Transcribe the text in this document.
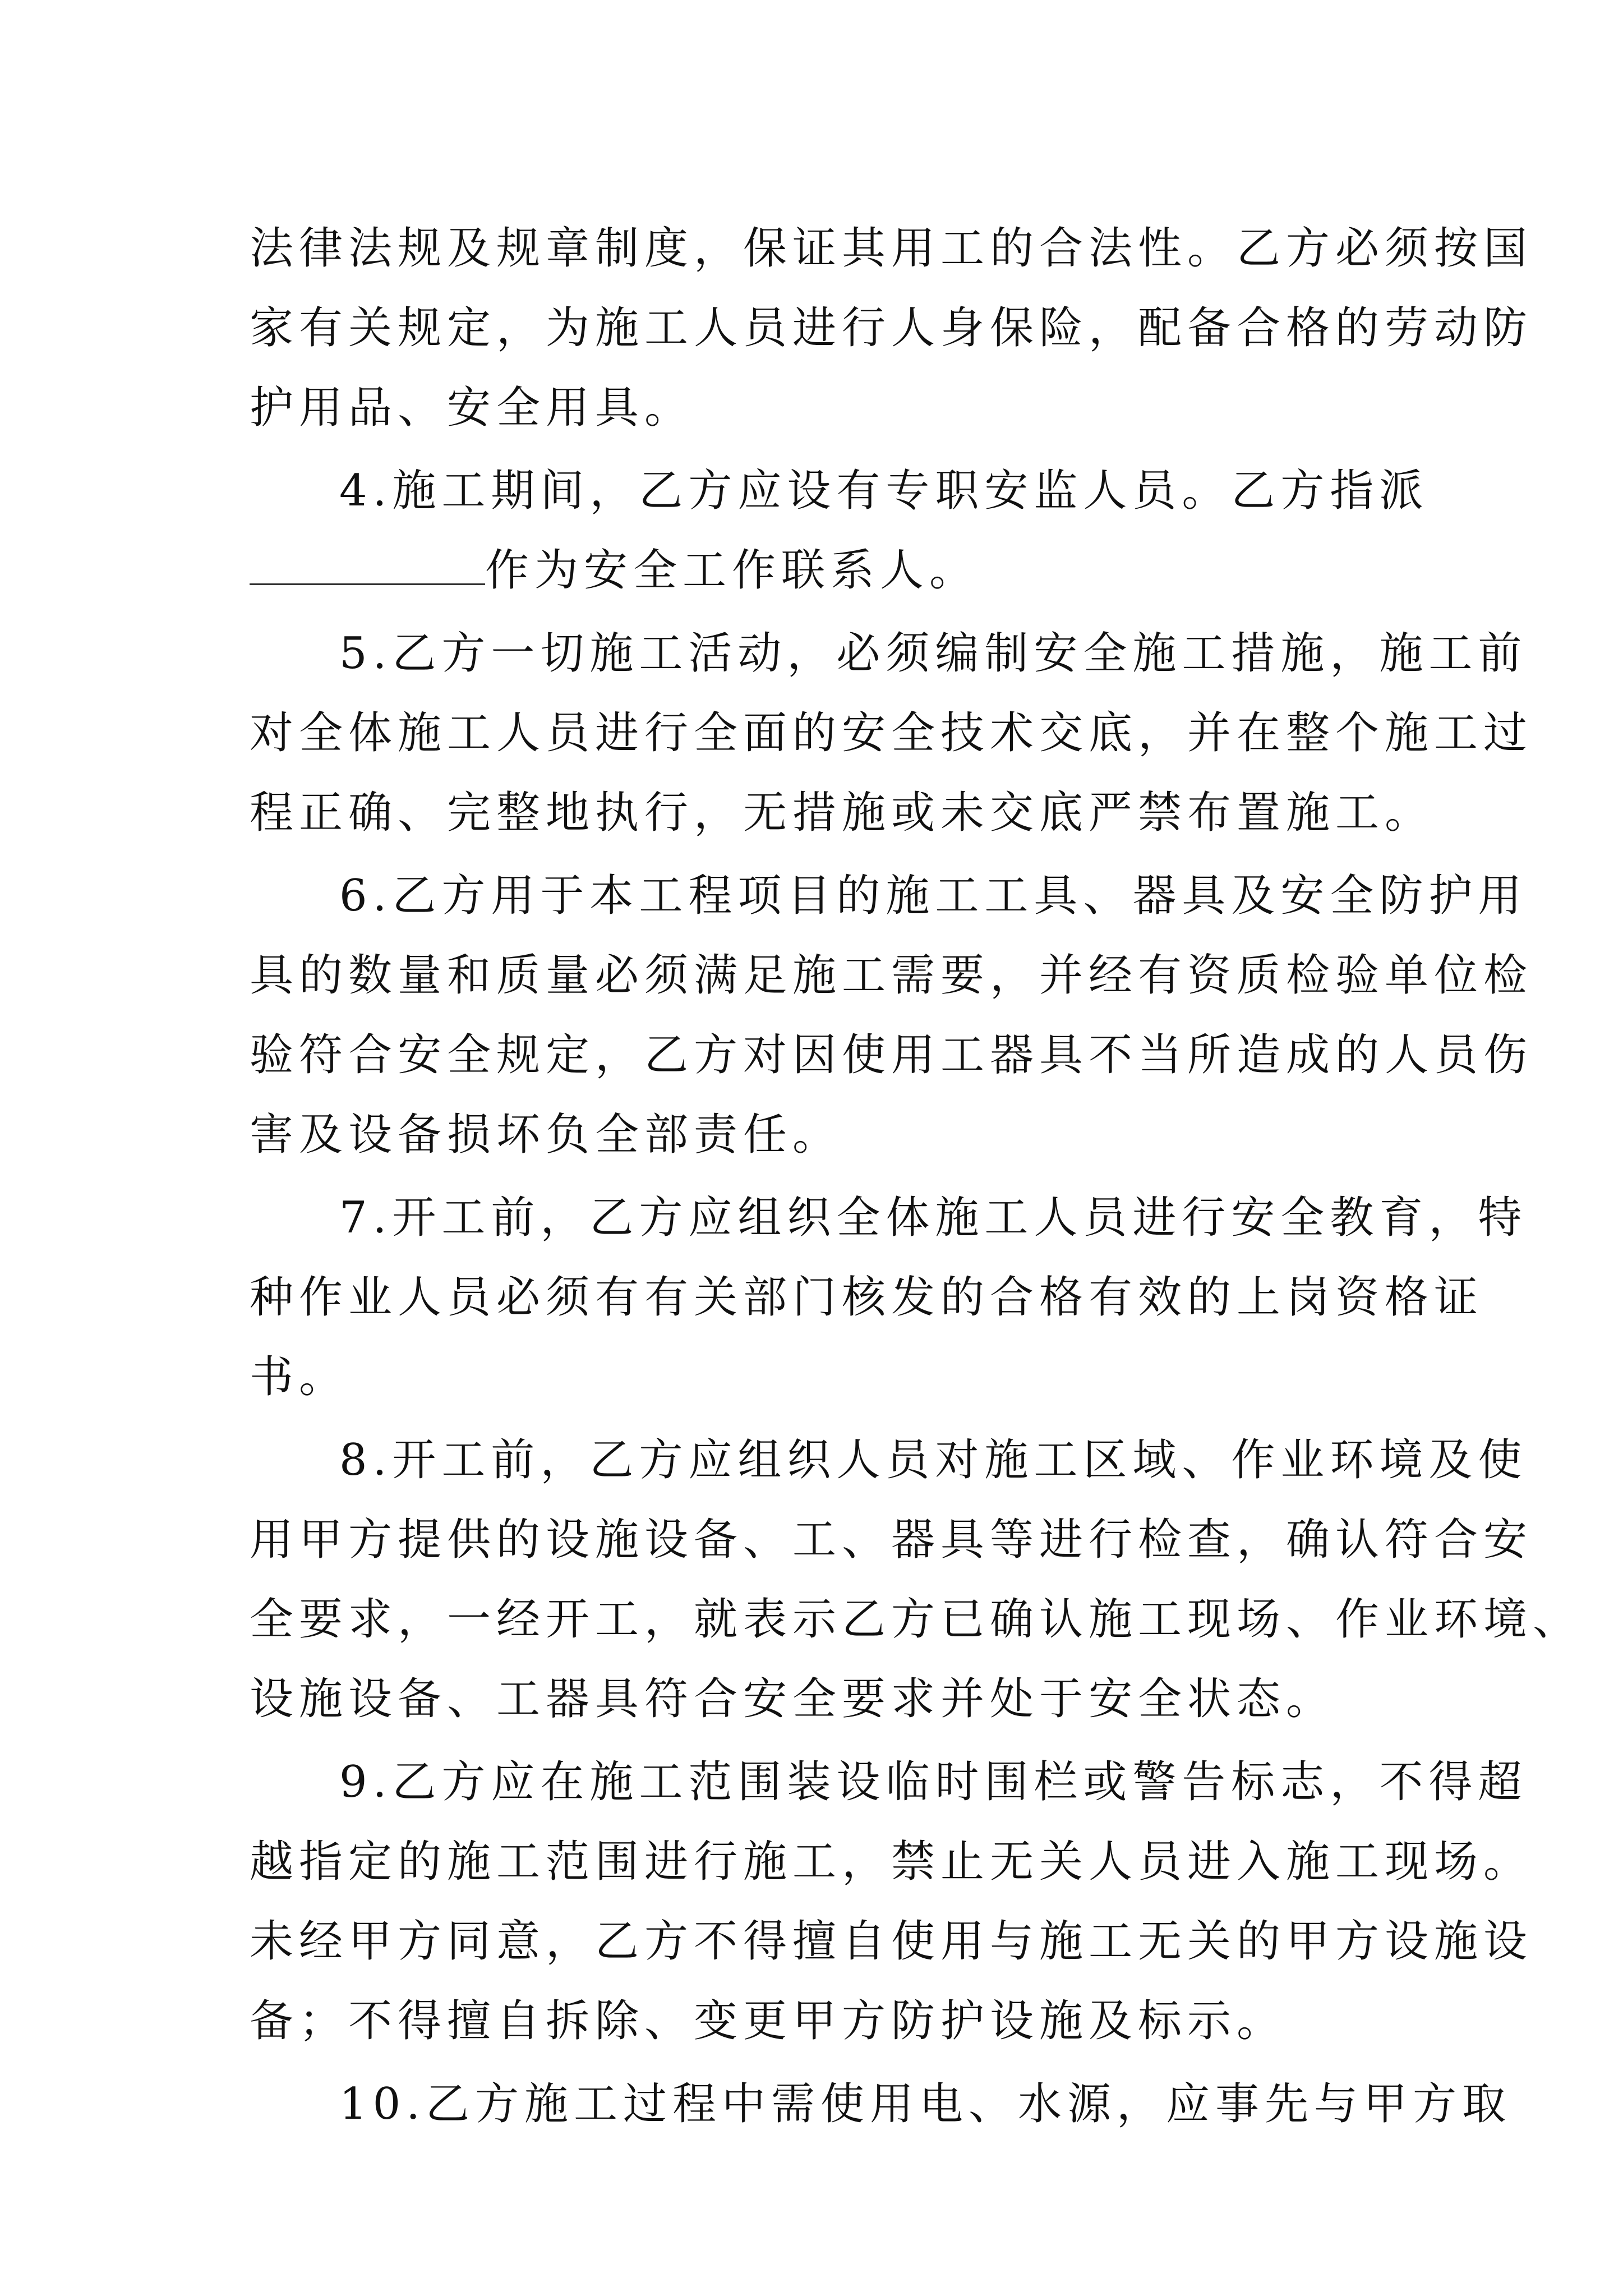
法律法规及规章制度，保证其用工的合法性。乙方必须按国
家有关规定，为施工人员进行人身保险，配备合格的劳动防
护用品、安全用具。

4.施工期间，乙方应设有专职安监人员。乙方指派
作为安全工作联系人。

5.乙方一切施工活动，必须编制安全施工措施，施工前
对全体施工人员进行全面的安全技术交底，并在整个施工过
程正确、完整地执行，无措施或未交底严禁布置施工。

6.乙方用于本工程项目的施工工具、器具及安全防护用
具的数量和质量必须满足施工需要，并经有资质检验单位检
验符合安全规定，乙方对因使用工器具不当所造成的人员伤
害及设备损坏负全部责任。

7.开工前，乙方应组织全体施工人员进行安全教育，特
种作业人员必须有有关部门核发的合格有效的上岗资格证
书。

8.开工前，乙方应组织人员对施工区域、作业环境及使
用甲方提供的设施设备、工、器具等进行检查，确认符合安
全要求，一经开工，就表示乙方已确认施工现场、作业环境、
设施设备、工器具符合安全要求并处于安全状态。

9.乙方应在施工范围装设临时围栏或警告标志，不得超
越指定的施工范围进行施工，禁止无关人员进入施工现场。
未经甲方同意，乙方不得擅自使用与施工无关的甲方设施设
备；不得擅自拆除、变更甲方防护设施及标示。

10.乙方施工过程中需使用电、水源，应事先与甲方取
